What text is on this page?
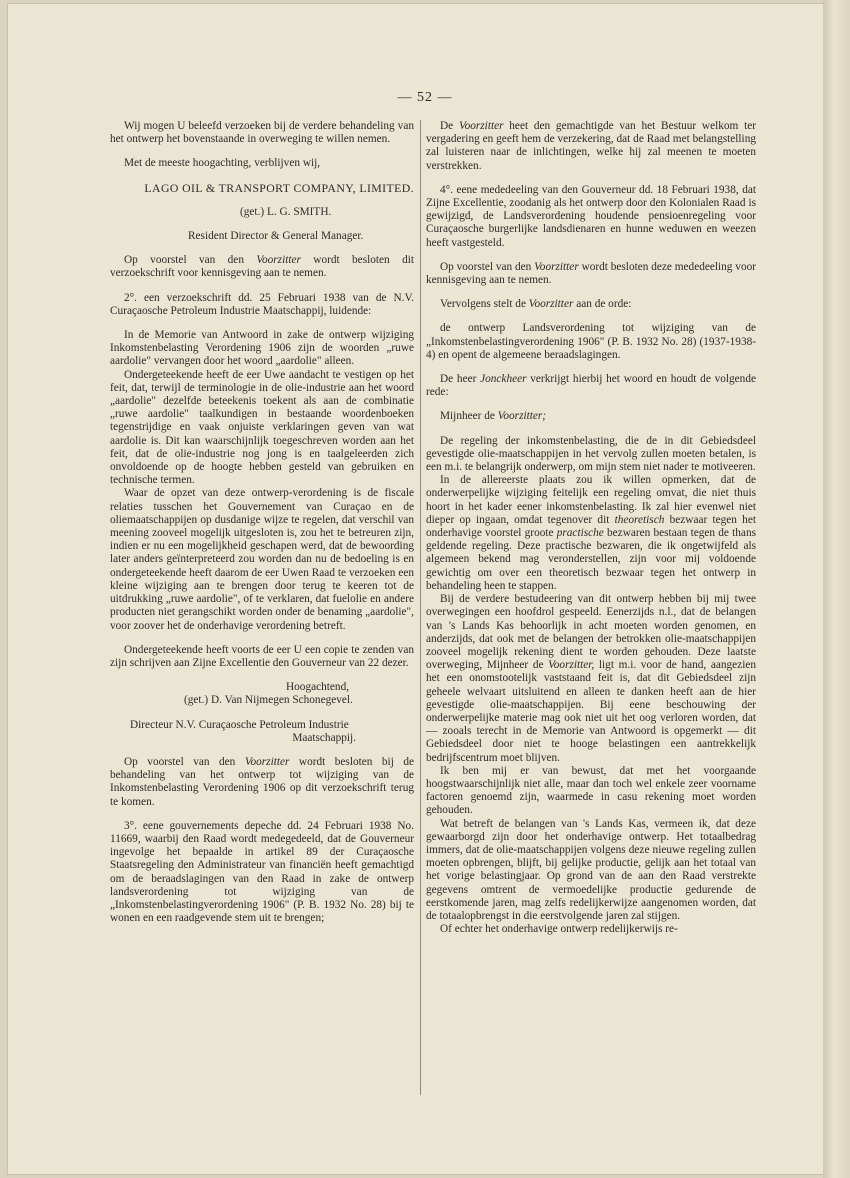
— 52 —

Wij mogen U beleefd verzoeken bij de verdere behandeling van het ontwerp het bovenstaande in overweging te willen nemen.

Met de meeste hoogachting, verblijven wij,

LAGO OIL & TRANSPORT COMPANY, LIMITED.

(get.) L. G. SMITH.

Resident Director & General Manager.

Op voorstel van den Voorzitter wordt besloten dit verzoekschrift voor kennisgeving aan te nemen.

2°. een verzoekschrift dd. 25 Februari 1938 van de N.V. Curaçaosche Petroleum Industrie Maatschappij, luidende:

In de Memorie van Antwoord in zake de ontwerp wijziging Inkomstenbelasting Verordening 1906 zijn de woorden „ruwe aardolie" vervangen door het woord „aardolie" alleen.

Ondergeteekende heeft de eer Uwe aandacht te vestigen op het feit, dat, terwijl de terminologie in de olie-industrie aan het woord „aardolie" dezelfde beteekenis toekent als aan de combinatie „ruwe aardolie" taalkundigen in bestaande woordenboeken tegenstrijdige en vaak onjuiste verklaringen geven van wat aardolie is. Dit kan waarschijnlijk toegeschreven worden aan het feit, dat de olie-industrie nog jong is en taalgeleerden zich onvoldoende op de hoogte hebben gesteld van gebruiken en technische termen.

Waar de opzet van deze ontwerp-verordening is de fiscale relaties tusschen het Gouvernement van Curaçao en de oliemaatschappijen op dusdanige wijze te regelen, dat verschil van meening zooveel mogelijk uitgesloten is, zou het te betreuren zijn, indien er nu een mogelijkheid geschapen werd, dat de bewoording later anders geïnterpreteerd zou worden dan nu de bedoeling is en ondergeteekende heeft daarom de eer Uwen Raad te verzoeken een kleine wijziging aan te brengen door terug te keeren tot de uitdrukking „ruwe aardolie", of te verklaren, dat fuelolie en andere producten niet gerangschikt worden onder de benaming „aardolie", voor zoover het de onderhavige verordening betreft.

Ondergeteekende heeft voorts de eer U een copie te zenden van zijn schrijven aan Zijne Excellentie den Gouverneur van 22 dezer.

Hoogachtend,

(get.) D. Van Nijmegen Schonegevel.

Directeur N.V. Curaçaosche Petroleum Industrie

Maatschappij.

Op voorstel van den Voorzitter wordt besloten bij de behandeling van het ontwerp tot wijziging van de Inkomstenbelasting Verordening 1906 op dit verzoekschrift terug te komen.

3°. eene gouvernements depeche dd. 24 Februari 1938 No. 11669, waarbij den Raad wordt medegedeeld, dat de Gouverneur ingevolge het bepaalde in artikel 89 der Curaçaosche Staatsregeling den Administrateur van financiën heeft gemachtigd om de beraadslagingen van den Raad in zake de ontwerp landsverordening tot wijziging van de „Inkomstenbelastingverordening 1906" (P. B. 1932 No. 28) bij te wonen en een raadgevende stem uit te brengen;

De Voorzitter heet den gemachtigde van het Bestuur welkom ter vergadering en geeft hem de verzekering, dat de Raad met belangstelling zal luisteren naar de inlichtingen, welke hij zal meenen te moeten verstrekken.

4°. eene mededeeling van den Gouverneur dd. 18 Februari 1938, dat Zijne Excellentie, zoodanig als het ontwerp door den Kolonialen Raad is gewijzigd, de Landsverordening houdende pensioenregeling voor Curaçaosche burgerlijke landsdienaren en hunne weduwen en weezen heeft vastgesteld.

Op voorstel van den Voorzitter wordt besloten deze mededeeling voor kennisgeving aan te nemen.

Vervolgens stelt de Voorzitter aan de orde:

de ontwerp Landsverordening tot wijziging van de „Inkomstenbelastingverordening 1906" (P. B. 1932 No. 28) (1937-1938-4) en opent de algemeene beraadslagingen.

De heer Jonckheer verkrijgt hierbij het woord en houdt de volgende rede:

Mijnheer de Voorzitter;

De regeling der inkomstenbelasting, die de in dit Gebiedsdeel gevestigde olie-maatschappijen in het vervolg zullen moeten betalen, is een m.i. te belangrijk onderwerp, om mijn stem niet nader te motiveeren.

In de allereerste plaats zou ik willen opmerken, dat de onderwerpelijke wijziging feitelijk een regeling omvat, die niet thuis hoort in het kader eener inkomstenbelasting. Ik zal hier evenwel niet dieper op ingaan, omdat tegenover dit theoretisch bezwaar tegen het onderhavige voorstel groote practische bezwaren bestaan tegen de thans geldende regeling. Deze practische bezwaren, die ik ongetwijfeld als algemeen bekend mag veronderstellen, zijn voor mij voldoende gewichtig om over een theoretisch bezwaar tegen het ontwerp in behandeling heen te stappen.

Bij de verdere bestudeering van dit ontwerp hebben bij mij twee overwegingen een hoofdrol gespeeld. Eenerzijds n.l., dat de belangen van 's Lands Kas behoorlijk in acht moeten worden genomen, en anderzijds, dat ook met de belangen der betrokken olie-maatschappijen zooveel mogelijk rekening dient te worden gehouden. Deze laatste overweging, Mijnheer de Voorzitter, ligt m.i. voor de hand, aangezien het een onomstootelijk vaststaand feit is, dat dit Gebiedsdeel zijn geheele welvaart uitsluitend en alleen te danken heeft aan de hier gevestigde olie-maatschappijen. Bij eene beschouwing der onderwerpelijke materie mag ook niet uit het oog verloren worden, dat — zooals terecht in de Memorie van Antwoord is opgemerkt — dit Gebiedsdeel door niet te hooge belastingen een aantrekkelijk bedrijfscentrum moet blijven.

Ik ben mij er van bewust, dat met het voorgaande hoogstwaarschijnlijk niet alle, maar dan toch wel enkele zeer voorname factoren genoemd zijn, waarmede in casu rekening moet worden gehouden.

Wat betreft de belangen van 's Lands Kas, vermeen ik, dat deze gewaarborgd zijn door het onderhavige ontwerp. Het totaalbedrag immers, dat de olie-maatschappijen volgens deze nieuwe regeling zullen moeten opbrengen, blijft, bij gelijke productie, gelijk aan het totaal van het vorige belastingjaar. Op grond van de aan den Raad verstrekte gegevens omtrent de vermoedelijke productie gedurende de eerstkomende jaren, mag zelfs redelijkerwijze aangenomen worden, dat de totaalopbrengst in die eerstvolgende jaren zal stijgen.

Of echter het onderhavige ontwerp redelijkerwijs re-
